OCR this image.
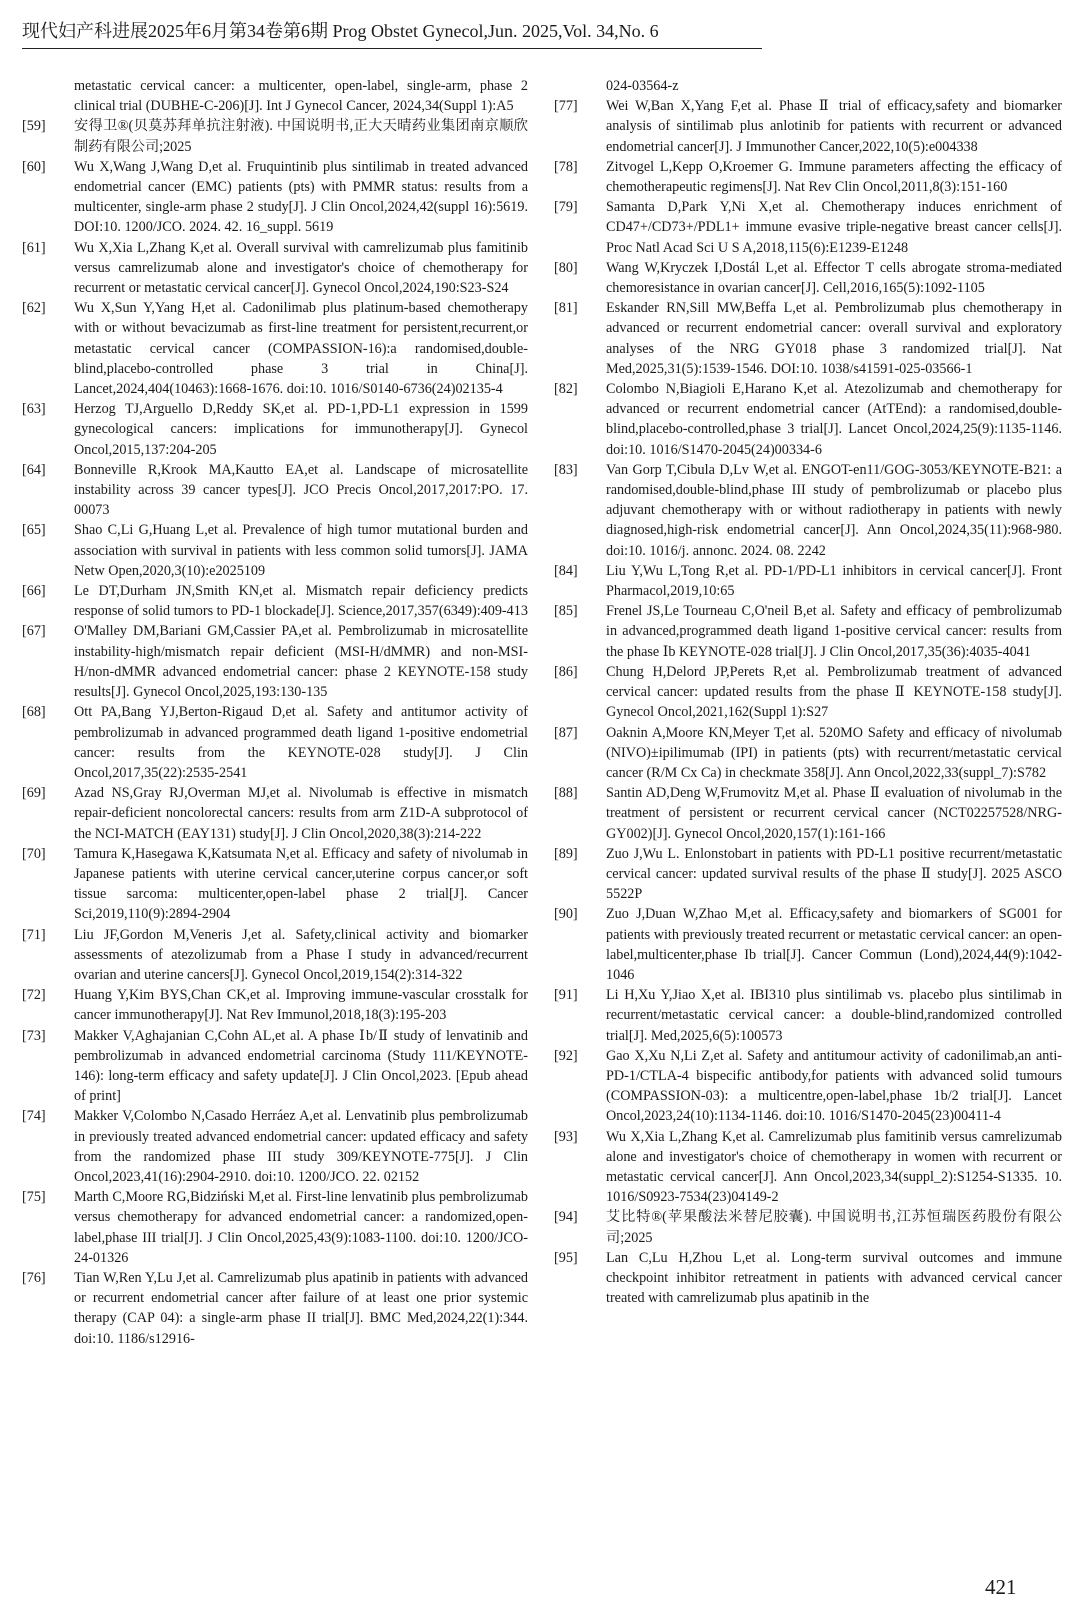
现代妇产科进展2025年6月第34卷第6期 Prog Obstet Gynecol,Jun. 2025,Vol. 34,No. 6
metastatic cervical cancer: a multicenter, open-label, single-arm, phase 2 clinical trial (DUBHE-C-206)[J]. Int J Gynecol Cancer, 2024,34(Suppl 1):A5
[59]	安得卫®(贝莫苏拜单抗注射液). 中国说明书,正大天晴药业集团南京顺欣制药有限公司;2025
[60]	Wu X,Wang J,Wang D,et al. Fruquintinib plus sintilimab in treated advanced endometrial cancer (EMC) patients (pts) with PMMR status: results from a multicenter, single-arm phase 2 study[J]. J Clin Oncol,2024,42(suppl 16):5619. DOI:10. 1200/JCO. 2024. 42. 16_suppl. 5619
[61]	Wu X,Xia L,Zhang K,et al. Overall survival with camrelizumab plus famitinib versus camrelizumab alone and investigator's choice of chemotherapy for recurrent or metastatic cervical cancer[J]. Gynecol Oncol,2024,190:S23-S24
[62]	Wu X,Sun Y,Yang H,et al. Cadonilimab plus platinum-based chemotherapy with or without bevacizumab as first-line treatment for persistent,recurrent,or metastatic cervical cancer (COMPASSION-16):a randomised,double-blind,placebo-controlled phase 3 trial in China[J]. Lancet,2024,404(10463):1668-1676. doi:10. 1016/S0140-6736(24)02135-4
[63]	Herzog TJ,Arguello D,Reddy SK,et al. PD-1,PD-L1 expression in 1599 gynecological cancers: implications for immunotherapy[J]. Gynecol Oncol,2015,137:204-205
[64]	Bonneville R,Krook MA,Kautto EA,et al. Landscape of microsatellite instability across 39 cancer types[J]. JCO Precis Oncol,2017,2017:PO. 17. 00073
[65]	Shao C,Li G,Huang L,et al. Prevalence of high tumor mutational burden and association with survival in patients with less common solid tumors[J]. JAMA Netw Open,2020,3(10):e2025109
[66]	Le DT,Durham JN,Smith KN,et al. Mismatch repair deficiency predicts response of solid tumors to PD-1 blockade[J]. Science,2017,357(6349):409-413
[67]	O'Malley DM,Bariani GM,Cassier PA,et al. Pembrolizumab in microsatellite instability-high/mismatch repair deficient (MSI-H/dMMR) and non-MSI-H/non-dMMR advanced endometrial cancer: phase 2 KEYNOTE-158 study results[J]. Gynecol Oncol,2025,193:130-135
[68]	Ott PA,Bang YJ,Berton-Rigaud D,et al. Safety and antitumor activity of pembrolizumab in advanced programmed death ligand 1-positive endometrial cancer: results from the KEYNOTE-028 study[J]. J Clin Oncol,2017,35(22):2535-2541
[69]	Azad NS,Gray RJ,Overman MJ,et al. Nivolumab is effective in mismatch repair-deficient noncolorectal cancers: results from arm Z1D-A subprotocol of the NCI-MATCH (EAY131) study[J]. J Clin Oncol,2020,38(3):214-222
[70]	Tamura K,Hasegawa K,Katsumata N,et al. Efficacy and safety of nivolumab in Japanese patients with uterine cervical cancer,uterine corpus cancer,or soft tissue sarcoma: multicenter,open-label phase 2 trial[J]. Cancer Sci,2019,110(9):2894-2904
[71]	Liu JF,Gordon M,Veneris J,et al. Safety,clinical activity and biomarker assessments of atezolizumab from a Phase I study in advanced/recurrent ovarian and uterine cancers[J]. Gynecol Oncol,2019,154(2):314-322
[72]	Huang Y,Kim BYS,Chan CK,et al. Improving immune-vascular crosstalk for cancer immunotherapy[J]. Nat Rev Immunol,2018,18(3):195-203
[73]	Makker V,Aghajanian C,Cohn AL,et al. A phase Ⅰb/Ⅱ study of lenvatinib and pembrolizumab in advanced endometrial carcinoma (Study 111/KEYNOTE-146): long-term efficacy and safety update[J]. J Clin Oncol,2023. [Epub ahead of print]
[74]	Makker V,Colombo N,Casado Herráez A,et al. Lenvatinib plus pembrolizumab in previously treated advanced endometrial cancer: updated efficacy and safety from the randomized phase III study 309/KEYNOTE-775[J]. J Clin Oncol,2023,41(16):2904-2910. doi:10. 1200/JCO. 22. 02152
[75]	Marth C,Moore RG,Bidziński M,et al. First-line lenvatinib plus pembrolizumab versus chemotherapy for advanced endometrial cancer: a randomized,open-label,phase III trial[J]. J Clin Oncol,2025,43(9):1083-1100. doi:10. 1200/JCO-24-01326
[76]	Tian W,Ren Y,Lu J,et al. Camrelizumab plus apatinib in patients with advanced or recurrent endometrial cancer after failure of at least one prior systemic therapy (CAP 04): a single-arm phase II trial[J]. BMC Med,2024,22(1):344. doi:10. 1186/s12916-
024-03564-z
[77]	Wei W,Ban X,Yang F,et al. Phase Ⅱ trial of efficacy,safety and biomarker analysis of sintilimab plus anlotinib for patients with recurrent or advanced endometrial cancer[J]. J Immunother Cancer,2022,10(5):e004338
[78]	Zitvogel L,Kepp O,Kroemer G. Immune parameters affecting the efficacy of chemotherapeutic regimens[J]. Nat Rev Clin Oncol,2011,8(3):151-160
[79]	Samanta D,Park Y,Ni X,et al. Chemotherapy induces enrichment of CD47+/CD73+/PDL1+ immune evasive triple-negative breast cancer cells[J]. Proc Natl Acad Sci U S A,2018,115(6):E1239-E1248
[80]	Wang W,Kryczek I,Dostál L,et al. Effector T cells abrogate stroma-mediated chemoresistance in ovarian cancer[J]. Cell,2016,165(5):1092-1105
[81]	Eskander RN,Sill MW,Beffa L,et al. Pembrolizumab plus chemotherapy in advanced or recurrent endometrial cancer: overall survival and exploratory analyses of the NRG GY018 phase 3 randomized trial[J]. Nat Med,2025,31(5):1539-1546. DOI:10. 1038/s41591-025-03566-1
[82]	Colombo N,Biagioli E,Harano K,et al. Atezolizumab and chemotherapy for advanced or recurrent endometrial cancer (AtTEnd): a randomised,double-blind,placebo-controlled,phase 3 trial[J]. Lancet Oncol,2024,25(9):1135-1146. doi:10. 1016/S1470-2045(24)00334-6
[83]	Van Gorp T,Cibula D,Lv W,et al. ENGOT-en11/GOG-3053/KEYNOTE-B21: a randomised,double-blind,phase III study of pembrolizumab or placebo plus adjuvant chemotherapy with or without radiotherapy in patients with newly diagnosed,high-risk endometrial cancer[J]. Ann Oncol,2024,35(11):968-980. doi:10. 1016/j. annonc. 2024. 08. 2242
[84]	Liu Y,Wu L,Tong R,et al. PD-1/PD-L1 inhibitors in cervical cancer[J]. Front Pharmacol,2019,10:65
[85]	Frenel JS,Le Tourneau C,O'neil B,et al. Safety and efficacy of pembrolizumab in advanced,programmed death ligand 1-positive cervical cancer: results from the phase Ⅰb KEYNOTE-028 trial[J]. J Clin Oncol,2017,35(36):4035-4041
[86]	Chung H,Delord JP,Perets R,et al. Pembrolizumab treatment of advanced cervical cancer: updated results from the phase Ⅱ KEYNOTE-158 study[J]. Gynecol Oncol,2021,162(Suppl 1):S27
[87]	Oaknin A,Moore KN,Meyer T,et al. 520MO Safety and efficacy of nivolumab (NIVO)±ipilimumab (IPI) in patients (pts) with recurrent/metastatic cervical cancer (R/M Cx Ca) in checkmate 358[J]. Ann Oncol,2022,33(suppl_7):S782
[88]	Santin AD,Deng W,Frumovitz M,et al. Phase Ⅱ evaluation of nivolumab in the treatment of persistent or recurrent cervical cancer (NCT02257528/NRG-GY002)[J]. Gynecol Oncol,2020,157(1):161-166
[89]	Zuo J,Wu L. Enlonstobart in patients with PD-L1 positive recurrent/metastatic cervical cancer: updated survival results of the phase Ⅱ study[J]. 2025 ASCO 5522P
[90]	Zuo J,Duan W,Zhao M,et al. Efficacy,safety and biomarkers of SG001 for patients with previously treated recurrent or metastatic cervical cancer: an open-label,multicenter,phase Ib trial[J]. Cancer Commun (Lond),2024,44(9):1042-1046
[91]	Li H,Xu Y,Jiao X,et al. IBI310 plus sintilimab vs. placebo plus sintilimab in recurrent/metastatic cervical cancer: a double-blind,randomized controlled trial[J]. Med,2025,6(5):100573
[92]	Gao X,Xu N,Li Z,et al. Safety and antitumour activity of cadonilimab,an anti-PD-1/CTLA-4 bispecific antibody,for patients with advanced solid tumours (COMPASSION-03): a multicentre,open-label,phase 1b/2 trial[J]. Lancet Oncol,2023,24(10):1134-1146. doi:10. 1016/S1470-2045(23)00411-4
[93]	Wu X,Xia L,Zhang K,et al. Camrelizumab plus famitinib versus camrelizumab alone and investigator's choice of chemotherapy in women with recurrent or metastatic cervical cancer[J]. Ann Oncol,2023,34(suppl_2):S1254-S1335. 10. 1016/S0923-7534(23)04149-2
[94]	艾比特®(苹果酸法米替尼胶囊). 中国说明书,江苏恒瑞医药股份有限公司;2025
[95]	Lan C,Lu H,Zhou L,et al. Long-term survival outcomes and immune checkpoint inhibitor retreatment in patients with advanced cervical cancer treated with camrelizumab plus apatinib in the
421
